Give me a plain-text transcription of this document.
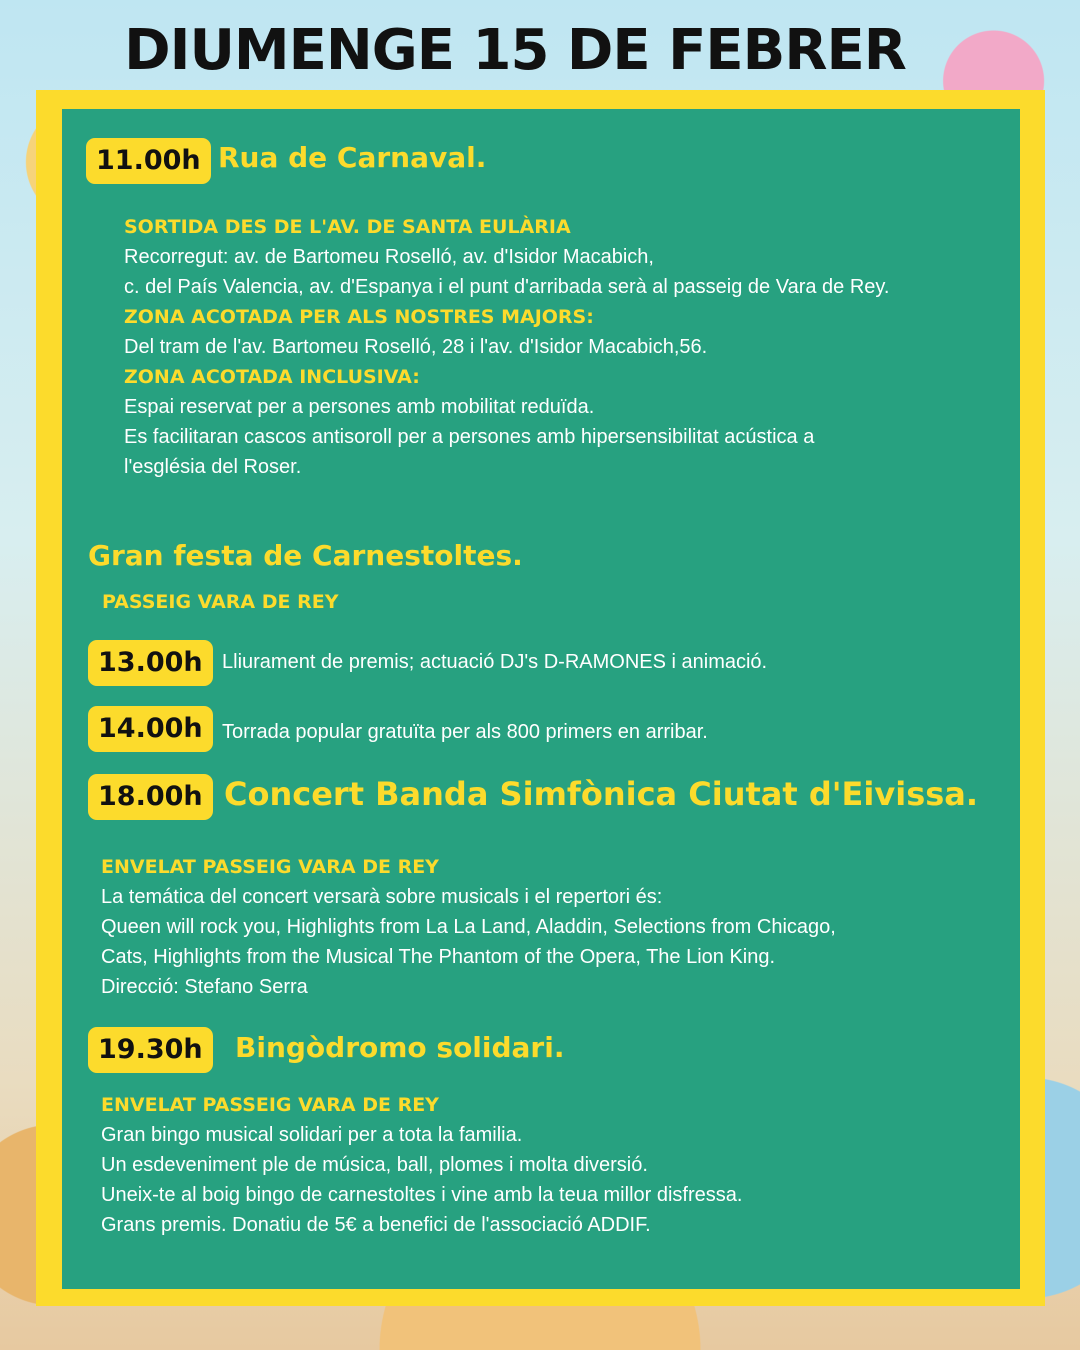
DIUMENGE 15 DE FEBRER
11.00h Rua de Carnaval.
SORTIDA DES DE L'AV. DE SANTA EULÀRIA
Recorregut: av. de Bartomeu Roselló, av. d'Isidor Macabich,
c. del País Valencia, av. d'Espanya i el punt d'arribada serà al passeig de Vara de Rey.
ZONA ACOTADA PER ALS NOSTRES MAJORS:
Del tram de l'av. Bartomeu Roselló, 28 i l'av. d'Isidor Macabich,56.
ZONA ACOTADA INCLUSIVA:
Espai reservat per a persones amb mobilitat reduïda.
Es facilitaran cascos antisoroll per a persones amb hipersensibilitat acústica a
l'església del Roser.
Gran festa de Carnestoltes.
PASSEIG VARA DE REY
13.00h Lliurament de premis; actuació DJ's D-RAMONES i animació.
14.00h Torrada popular gratuïta per als 800 primers en arribar.
18.00h Concert Banda Simfònica Ciutat d'Eivissa.
ENVELAT PASSEIG VARA DE REY
La temática del concert versarà sobre musicals i el repertori és:
Queen will rock you, Highlights from La La Land, Aladdin, Selections from Chicago,
Cats, Highlights from the Musical The Phantom of the Opera, The Lion King.
Direcció: Stefano Serra
19.30h	Bingòdromo solidari.
ENVELAT PASSEIG VARA DE REY
Gran bingo musical solidari per a tota la familia.
Un esdeveniment ple de música, ball, plomes i molta diversió.
Uneix-te al boig bingo de carnestoltes i vine amb la teua millor disfressa.
Grans premis. Donatiu de 5€ a benefici de l'associació ADDIF.
